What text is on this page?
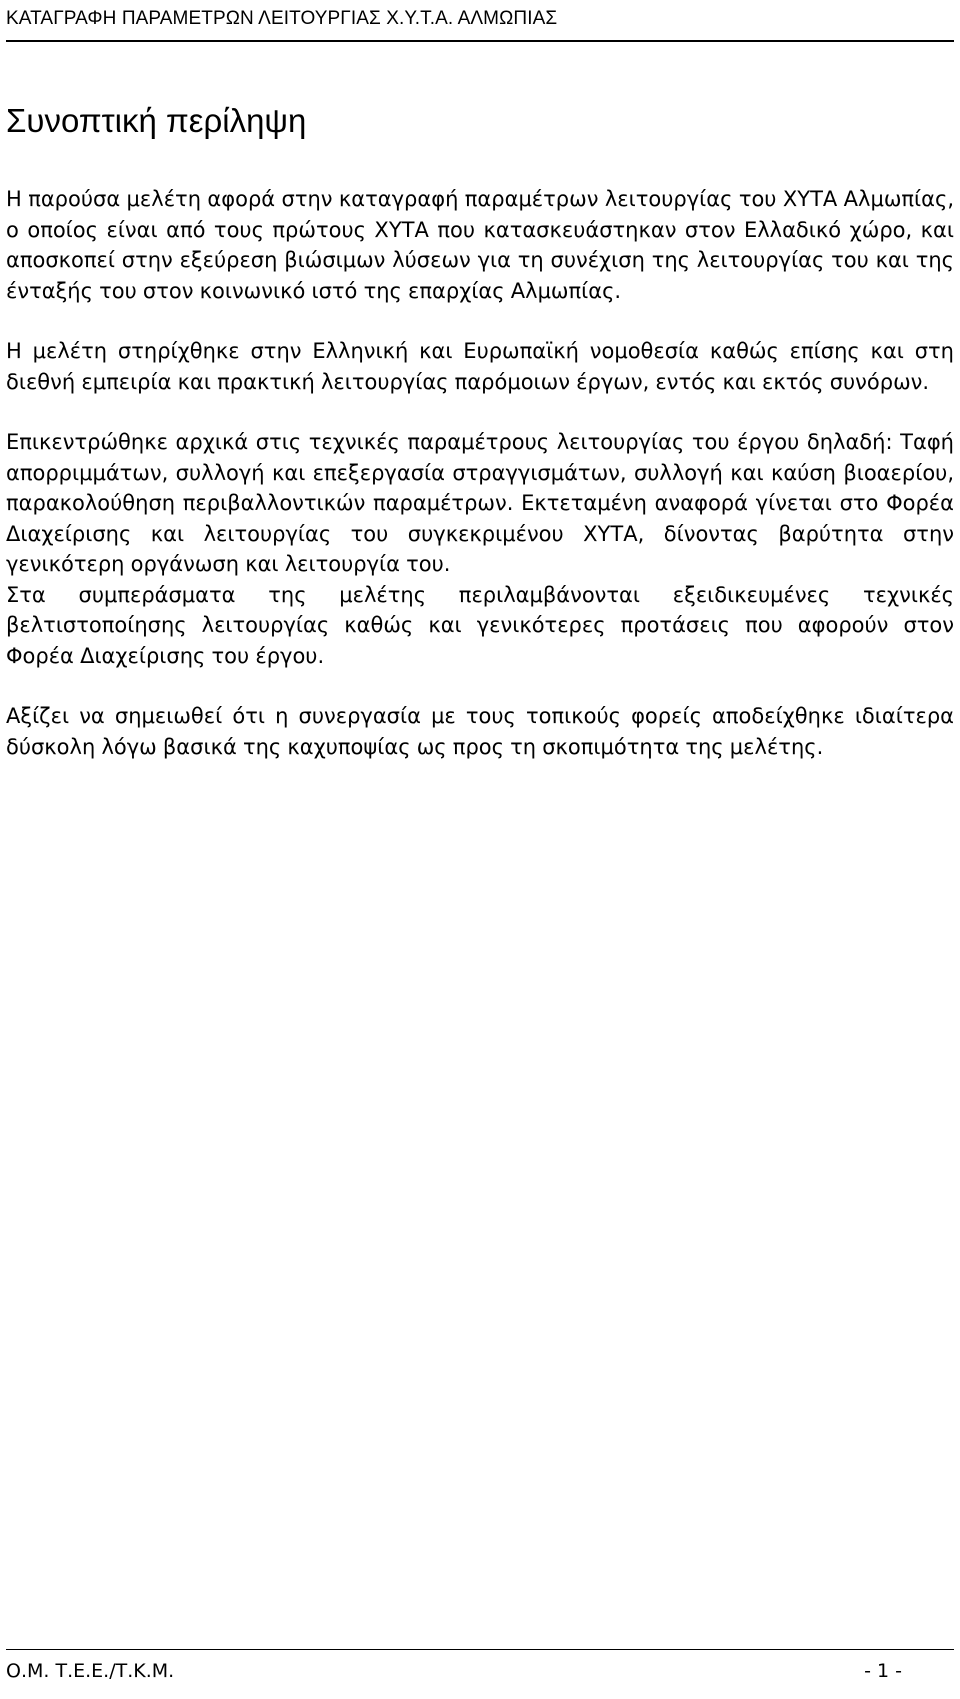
ΚΑΤΑΓΡΑΦΗ ΠΑΡΑΜΕΤΡΩΝ ΛΕΙΤΟΥΡΓΙΑΣ Χ.Υ.Τ.Α. ΑΛΜΩΠΙΑΣ
Συνοπτική περίληψη

Η παρούσα μελέτη αφορά στην καταγραφή παραμέτρων λειτουργίας του ΧΥΤΑ Αλμωπίας, ο οποίος είναι από τους πρώτους ΧΥΤΑ που κατασκευάστηκαν στον Ελλαδικό χώρο, και αποσκοπεί στην εξεύρεση βιώσιμων λύσεων για τη συνέχιση της λειτουργίας του και της ένταξής του στον κοινωνικό ιστό της επαρχίας Αλμωπίας.

Η μελέτη στηρίχθηκε στην Ελληνική και Ευρωπαϊκή νομοθεσία καθώς επίσης και στη διεθνή εμπειρία και πρακτική λειτουργίας παρόμοιων έργων, εντός και εκτός συνόρων.

Επικεντρώθηκε αρχικά στις τεχνικές παραμέτρους λειτουργίας του έργου δηλαδή: Ταφή απορριμμάτων, συλλογή και επεξεργασία στραγγισμάτων, συλλογή και καύση βιοαερίου, παρακολούθηση περιβαλλοντικών παραμέτρων. Εκτεταμένη αναφορά γίνεται στο Φορέα Διαχείρισης και λειτουργίας του συγκεκριμένου ΧΥΤΑ, δίνοντας βαρύτητα στην γενικότερη οργάνωση και λειτουργία του.

Στα συμπεράσματα της μελέτης περιλαμβάνονται εξειδικευμένες τεχνικές βελτιστοποίησης λειτουργίας καθώς και γενικότερες προτάσεις που αφορούν στον Φορέα Διαχείρισης του έργου.

Αξίζει να σημειωθεί ότι η συνεργασία με τους τοπικούς φορείς αποδείχθηκε ιδιαίτερα δύσκολη λόγω βασικά της καχυποψίας ως προς τη σκοπιμότητα της μελέτης.

Ο.Μ. Τ.Ε.Ε./Τ.Κ.Μ.	- 1 -
